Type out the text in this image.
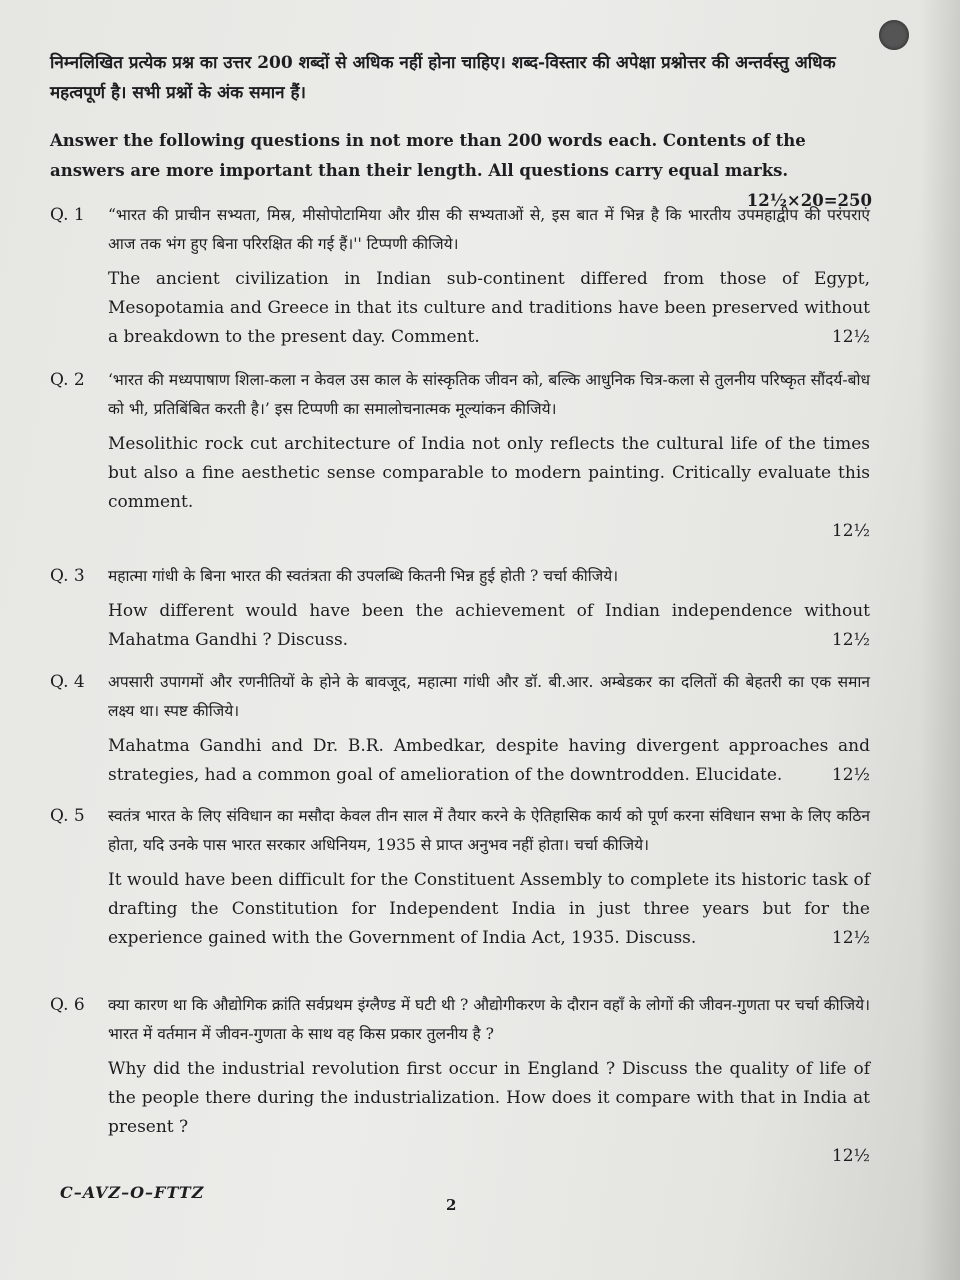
निम्नलिखित प्रत्येक प्रश्न का उत्तर 200 शब्दों से अधिक नहीं होना चाहिए। शब्द-विस्तार की अपेक्षा प्रश्नोत्तर की अन्तर्वस्तु अधिक महत्वपूर्ण है। सभी प्रश्नों के अंक समान हैं।
Answer the following questions in not more than 200 words each. Contents of the answers are more important than their length. All questions carry equal marks.
12½×20=250
Q. 1	“भारत की प्राचीन सभ्यता, मिस्र, मीसोपोटामिया और ग्रीस की सभ्यताओं से, इस बात में भिन्न है कि भारतीय उपमहाद्वीप की परंपराएं आज तक भंग हुए बिना परिरक्षित की गई हैं।'' टिप्पणी कीजिये।
The ancient civilization in Indian sub-continent differed from those of Egypt, Mesopotamia and Greece in that its culture and traditions have been preserved without a breakdown to the present day. Comment.	12½
Q. 2	‘भारत की मध्यपाषाण शिला-कला न केवल उस काल के सांस्कृतिक जीवन को, बल्कि आधुनिक चित्र-कला से तुलनीय परिष्कृत सौंदर्य-बोध को भी, प्रतिबिंबित करती है।’ इस टिप्पणी का समालोचनात्मक मूल्यांकन कीजिये।
Mesolithic rock cut architecture of India not only reflects the cultural life of the times but also a fine aesthetic sense comparable to modern painting. Critically evaluate this comment.
12½
Q. 3	महात्मा गांधी के बिना भारत की स्वतंत्रता की उपलब्धि कितनी भिन्न हुई होती ? चर्चा कीजिये।
How different would have been the achievement of Indian independence without Mahatma Gandhi ? Discuss.	12½
Q. 4	अपसारी उपागमों और रणनीतियों के होने के बावजूद, महात्मा गांधी और डॉ. बी.आर. अम्बेडकर का दलितों की बेहतरी का एक समान लक्ष्य था। स्पष्ट कीजिये।
Mahatma Gandhi and Dr. B.R. Ambedkar, despite having divergent approaches and strategies, had a common goal of amelioration of the downtrodden. Elucidate.	12½
Q. 5	स्वतंत्र भारत के लिए संविधान का मसौदा केवल तीन साल में तैयार करने के ऐतिहासिक कार्य को पूर्ण करना संविधान सभा के लिए कठिन होता, यदि उनके पास भारत सरकार अधिनियम, 1935 से प्राप्त अनुभव नहीं होता। चर्चा कीजिये।
It would have been difficult for the Constituent Assembly to complete its historic task of drafting the Constitution for Independent India in just three years but for the experience gained with the Government of India Act, 1935. Discuss.	12½
Q. 6	क्या कारण था कि औद्योगिक क्रांति सर्वप्रथम इंग्लैण्ड में घटी थी ? औद्योगीकरण के दौरान वहाँ के लोगों की जीवन-गुणता पर चर्चा कीजिये। भारत में वर्तमान में जीवन-गुणता के साथ वह किस प्रकार तुलनीय है ?
Why did the industrial revolution first occur in England ? Discuss the quality of life of the people there during the industrialization. How does it compare with that in India at present ?
12½
C–AVZ–O–FTTZ
2
